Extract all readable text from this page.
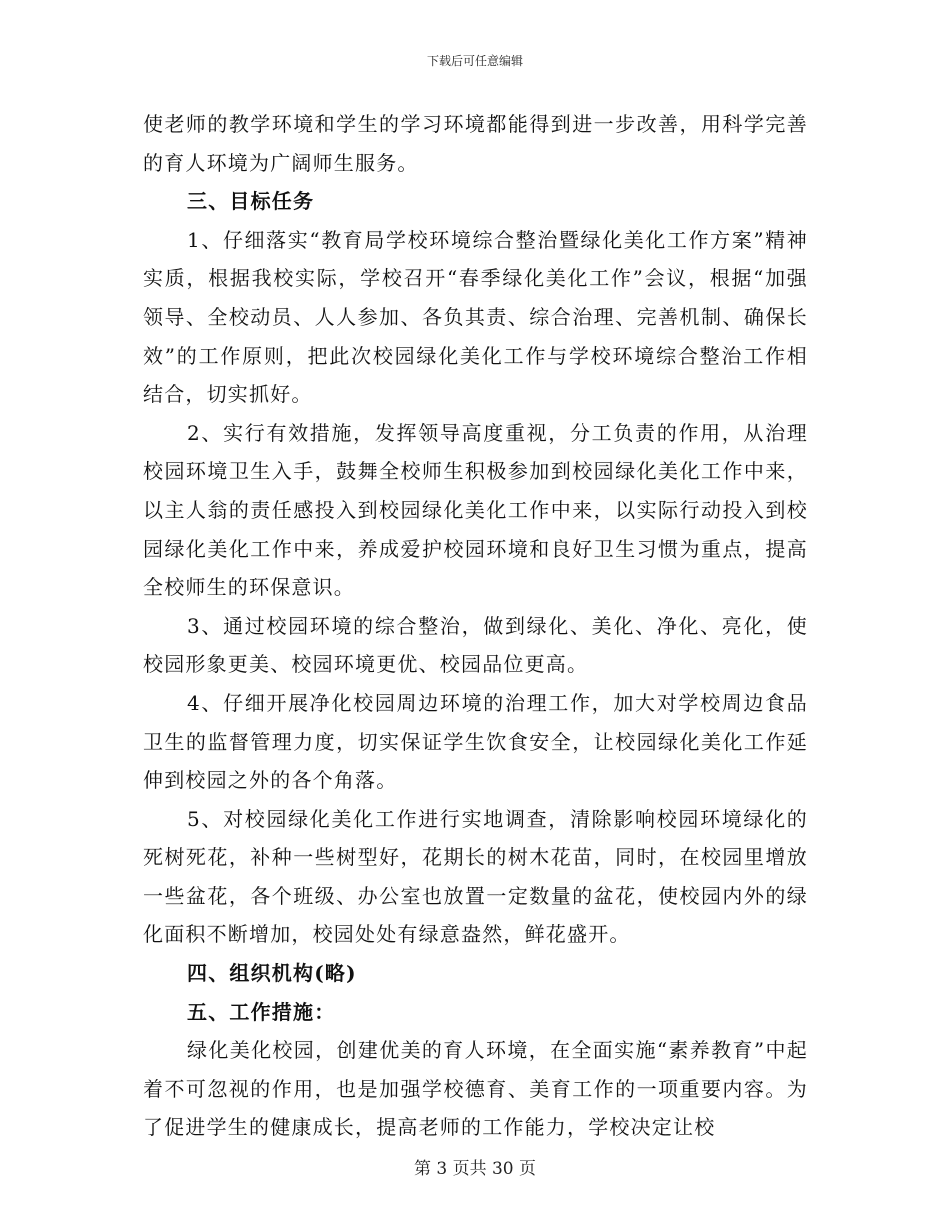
下载后可任意编辑

使老师的教学环境和学生的学习环境都能得到进一步改善，用科学完善的育人环境为广阔师生服务。

三、目标任务

1、仔细落实“教育局学校环境综合整治暨绿化美化工作方案”精神实质，根据我校实际，学校召开“春季绿化美化工作”会议，根据“加强领导、全校动员、人人参加、各负其责、综合治理、完善机制、确保长效”的工作原则，把此次校园绿化美化工作与学校环境综合整治工作相结合，切实抓好。

2、实行有效措施，发挥领导高度重视，分工负责的作用，从治理校园环境卫生入手，鼓舞全校师生积极参加到校园绿化美化工作中来，以主人翁的责任感投入到校园绿化美化工作中来，以实际行动投入到校园绿化美化工作中来，养成爱护校园环境和良好卫生习惯为重点，提高全校师生的环保意识。

3、通过校园环境的综合整治，做到绿化、美化、净化、亮化，使校园形象更美、校园环境更优、校园品位更高。

4、仔细开展净化校园周边环境的治理工作，加大对学校周边食品卫生的监督管理力度，切实保证学生饮食安全，让校园绿化美化工作延伸到校园之外的各个角落。

5、对校园绿化美化工作进行实地调查，清除影响校园环境绿化的死树死花，补种一些树型好，花期长的树木花苗，同时，在校园里增放一些盆花，各个班级、办公室也放置一定数量的盆花，使校园内外的绿化面积不断增加，校园处处有绿意盎然，鲜花盛开。

四、组织机构(略)

五、工作措施：

绿化美化校园，创建优美的育人环境，在全面实施“素养教育”中起着不可忽视的作用，也是加强学校德育、美育工作的一项重要内容。为了促进学生的健康成长，提高老师的工作能力，学校决定让校

第 3 页共 30 页
